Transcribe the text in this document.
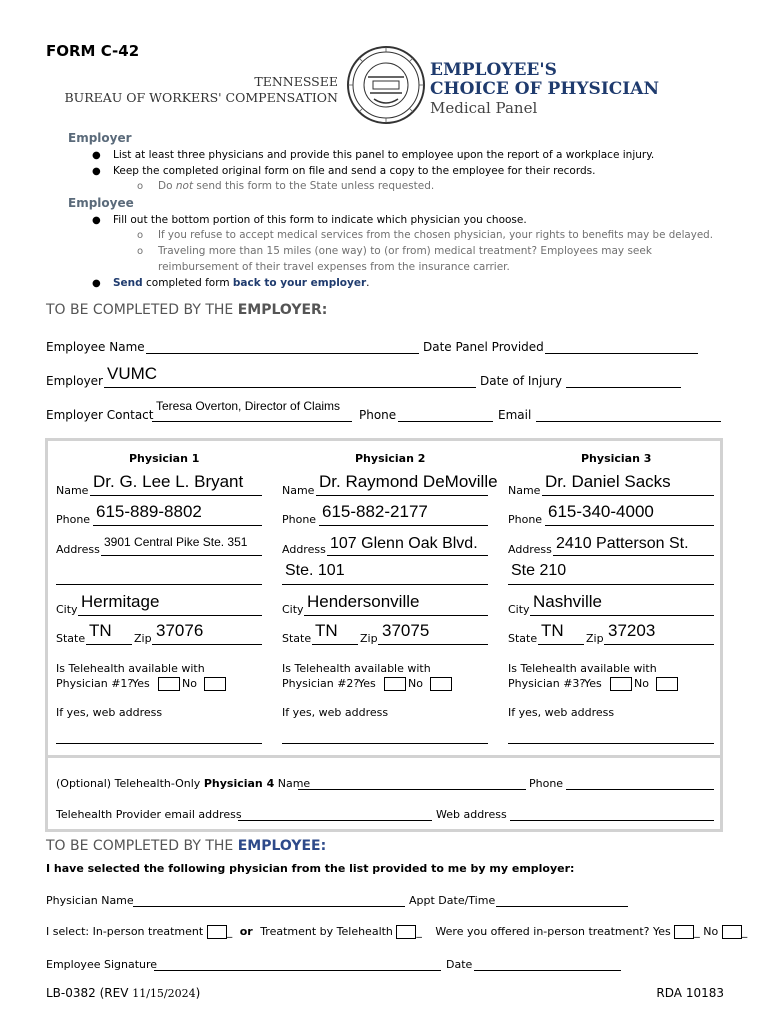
FORM C-42
TENNESSEE
BUREAU OF WORKERS' COMPENSATION
EMPLOYEE'S
CHOICE OF PHYSICIAN
Medical Panel
Employer
● List at least three physicians and provide this panel to employee upon the report of a workplace injury.
● Keep the completed original form on file and send a copy to the employee for their records.
o Do not send this form to the State unless requested.
Employee
● Fill out the bottom portion of this form to indicate which physician you choose.
o If you refuse to accept medical services from the chosen physician, your rights to benefits may be delayed.
o Traveling more than 15 miles (one way) to (or from) medical treatment? Employees may seek
reimbursement of their travel expenses from the insurance carrier.
● Send completed form back to your employer.
TO BE COMPLETED BY THE EMPLOYER:
Employee Name	Date Panel Provided
Employer VUMC	Date of Injury
Employer Contact
Teresa Overton, Director of Claims
Phone	Email
Physician 1
Name Dr. G. Lee L. Bryant
Phone 615-889-8802
Address
3901 Central Pike Ste. 351
City Hermitage
State TN Zip 37076
Is Telehealth available with
Physician #1?
Yes	No
If yes, web address
Physician 2
Name Dr. Raymond DeMoville
Phone 615-882-2177
Address 107 Glenn Oak Blvd.
Ste. 101
City Hendersonville
State TN Zip 37075
Is Telehealth available with
Physician #2?
Yes	No
If yes, web address
Physician 3
Name Dr. Daniel Sacks
Phone 615-340-4000
Address 2410 Patterson St.
Ste 210
City Nashville
State TN Zip 37203
Is Telehealth available with
Physician #3?
Yes	No
If yes, web address
(Optional) Telehealth-Only Physician 4 Name	Phone
Telehealth Provider email address	Web address
TO BE COMPLETED BY THE EMPLOYEE:
I have selected the following physician from the list provided to me by my employer:
Physician Name	Appt Date/Time
I select: In-person treatment _ or Treatment by Telehealth _ Were you offered in-person treatment? Yes _ No _
Employee Signature	Date
LB-0382 (REV 11/15/2024)	RDA 10183
